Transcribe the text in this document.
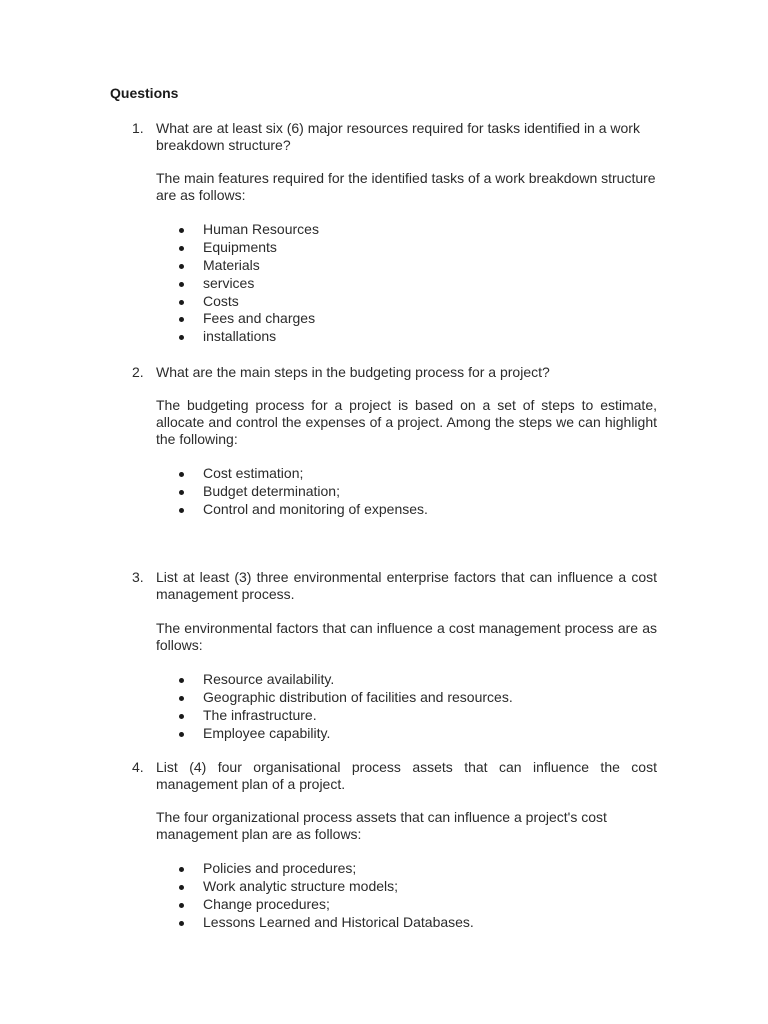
Questions
1. What are at least six (6) major resources required for tasks identified in a work breakdown structure?

The main features required for the identified tasks of a work breakdown structure are as follows:

Human Resources
Equipments
Materials
services
Costs
Fees and charges
installations
2. What are the main steps in the budgeting process for a project?

The budgeting process for a project is based on a set of steps to estimate, allocate and control the expenses of a project. Among the steps we can highlight the following:

Cost estimation;
Budget determination;
Control and monitoring of expenses.
3. List at least (3) three environmental enterprise factors that can influence a cost management process.

The environmental factors that can influence a cost management process are as follows:

Resource availability.
Geographic distribution of facilities and resources.
The infrastructure.
Employee capability.
4. List (4) four organisational process assets that can influence the cost management plan of a project.

The four organizational process assets that can influence a project's cost management plan are as follows:

Policies and procedures;
Work analytic structure models;
Change procedures;
Lessons Learned and Historical Databases.
